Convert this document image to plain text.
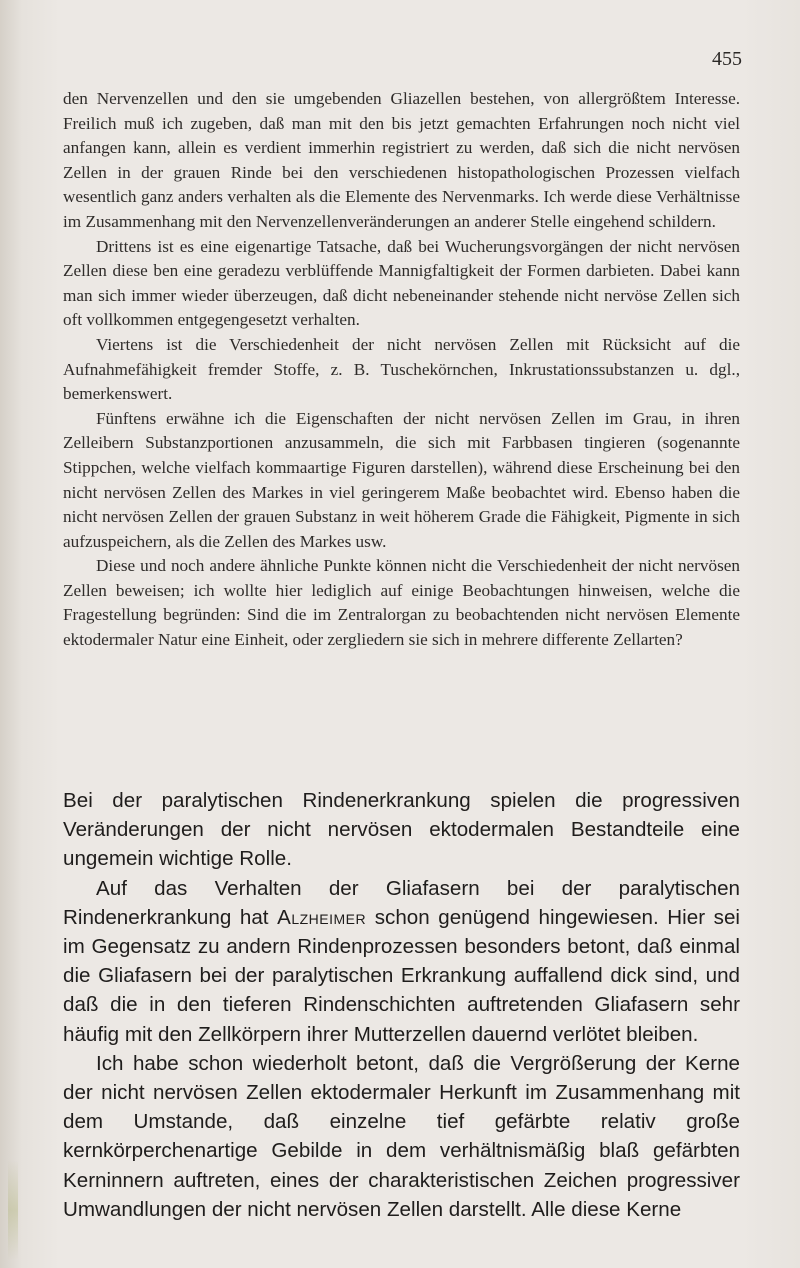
455

den Nervenzellen und den sie umgebenden Gliazellen bestehen, von allergrößtem Interesse. Freilich muß ich zugeben, daß man mit den bis jetzt gemachten Erfahrungen noch nicht viel anfangen kann, allein es verdient immerhin registriert zu werden, daß sich die nicht nervösen Zellen in der grauen Rinde bei den verschiedenen histopathologischen Prozessen vielfach wesentlich ganz anders verhalten als die Elemente des Nervenmarks. Ich werde diese Verhältnisse im Zusammenhang mit den Nervenzellenveränderungen an anderer Stelle eingehend schildern.

Drittens ist es eine eigenartige Tatsache, daß bei Wucherungsvorgängen der nicht nervösen Zellen diese ben eine geradezu verblüffende Mannigfaltigkeit der Formen darbieten. Dabei kann man sich immer wieder überzeugen, daß dicht nebeneinander stehende nicht nervöse Zellen sich oft vollkommen entgegengesetzt verhalten.

Viertens ist die Verschiedenheit der nicht nervösen Zellen mit Rücksicht auf die Aufnahmefähigkeit fremder Stoffe, z. B. Tuschekörnchen, Inkrustationssubstanzen u. dgl., bemerkenswert.

Fünftens erwähne ich die Eigenschaften der nicht nervösen Zellen im Grau, in ihren Zelleibern Substanzportionen anzusammeln, die sich mit Farbbasen tingieren (sogenannte Stippchen, welche vielfach kommaartige Figuren darstellen), während diese Erscheinung bei den nicht nervösen Zellen des Markes in viel geringerem Maße beobachtet wird. Ebenso haben die nicht nervösen Zellen der grauen Substanz in weit höherem Grade die Fähigkeit, Pigmente in sich aufzuspeichern, als die Zellen des Markes usw.

Diese und noch andere ähnliche Punkte können nicht die Verschiedenheit der nicht nervösen Zellen beweisen; ich wollte hier lediglich auf einige Beobachtungen hinweisen, welche die Fragestellung begründen: Sind die im Zentralorgan zu beobachtenden nicht nervösen Elemente ektodermaler Natur eine Einheit, oder zergliedern sie sich in mehrere differente Zellarten?

Bei der paralytischen Rindenerkrankung spielen die progressiven Veränderungen der nicht nervösen ektodermalen Bestandteile eine ungemein wichtige Rolle.

Auf das Verhalten der Gliafasern bei der paralytischen Rindenerkrankung hat Alzheimer schon genügend hingewiesen. Hier sei im Gegensatz zu andern Rindenprozessen besonders betont, daß einmal die Gliafasern bei der paralytischen Erkrankung auffallend dick sind, und daß die in den tieferen Rindenschichten auftretenden Gliafasern sehr häufig mit den Zellkörpern ihrer Mutterzellen dauernd verlötet bleiben.

Ich habe schon wiederholt betont, daß die Vergrößerung der Kerne der nicht nervösen Zellen ektodermaler Herkunft im Zusammenhang mit dem Umstande, daß einzelne tief gefärbte relativ große kernkörperchenartige Gebilde in dem verhältnismäßig blaß gefärbten Kerninnern auftreten, eines der charakteristischen Zeichen progressiver Umwandlungen der nicht nervösen Zellen darstellt. Alle diese Kerne
